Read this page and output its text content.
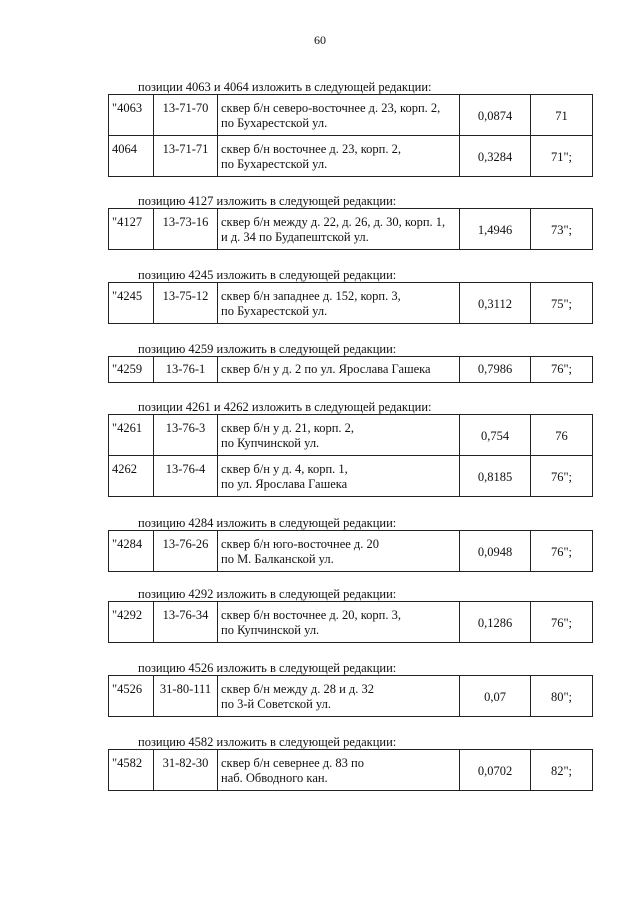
60
позиции 4063 и 4064 изложить в следующей редакции:
"4063	13-71-70	сквер б/н северо-восточнее д. 23, корп. 2,
по Бухарестской ул.	0,0874	71
4064	13-71-71	сквер б/н восточнее д. 23, корп. 2,
по Бухарестской ул.	0,3284	71";
позицию 4127 изложить в следующей редакции:
"4127	13-73-16	сквер б/н между д. 22, д. 26, д. 30, корп. 1,
и д. 34 по Будапештской ул.	1,4946	73";
позицию 4245 изложить в следующей редакции:
"4245	13-75-12	сквер б/н западнее д. 152, корп. 3,
по Бухарестской ул.	0,3112	75";
позицию 4259 изложить в следующей редакции:
"4259	13-76-1	сквер б/н у д. 2 по ул. Ярослава Гашека	0,7986	76";
позиции 4261 и 4262 изложить в следующей редакции:
"4261	13-76-3	сквер б/н у д. 21, корп. 2,
по Купчинской ул.	0,754	76
4262	13-76-4	сквер б/н у д. 4, корп. 1,
по ул. Ярослава Гашека	0,8185	76";
позицию 4284 изложить в следующей редакции:
"4284	13-76-26	сквер б/н юго-восточнее д. 20
по М. Балканской ул.	0,0948	76";
позицию 4292 изложить в следующей редакции:
"4292	13-76-34	сквер б/н восточнее д. 20, корп. 3,
по Купчинской ул.	0,1286	76";
позицию 4526 изложить в следующей редакции:
"4526	31-80-111	сквер б/н между д. 28 и д. 32
по 3-й Советской ул.	0,07	80";
позицию 4582 изложить в следующей редакции:
"4582	31-82-30	сквер б/н севернее д. 83 по
наб. Обводного кан.	0,0702	82";
